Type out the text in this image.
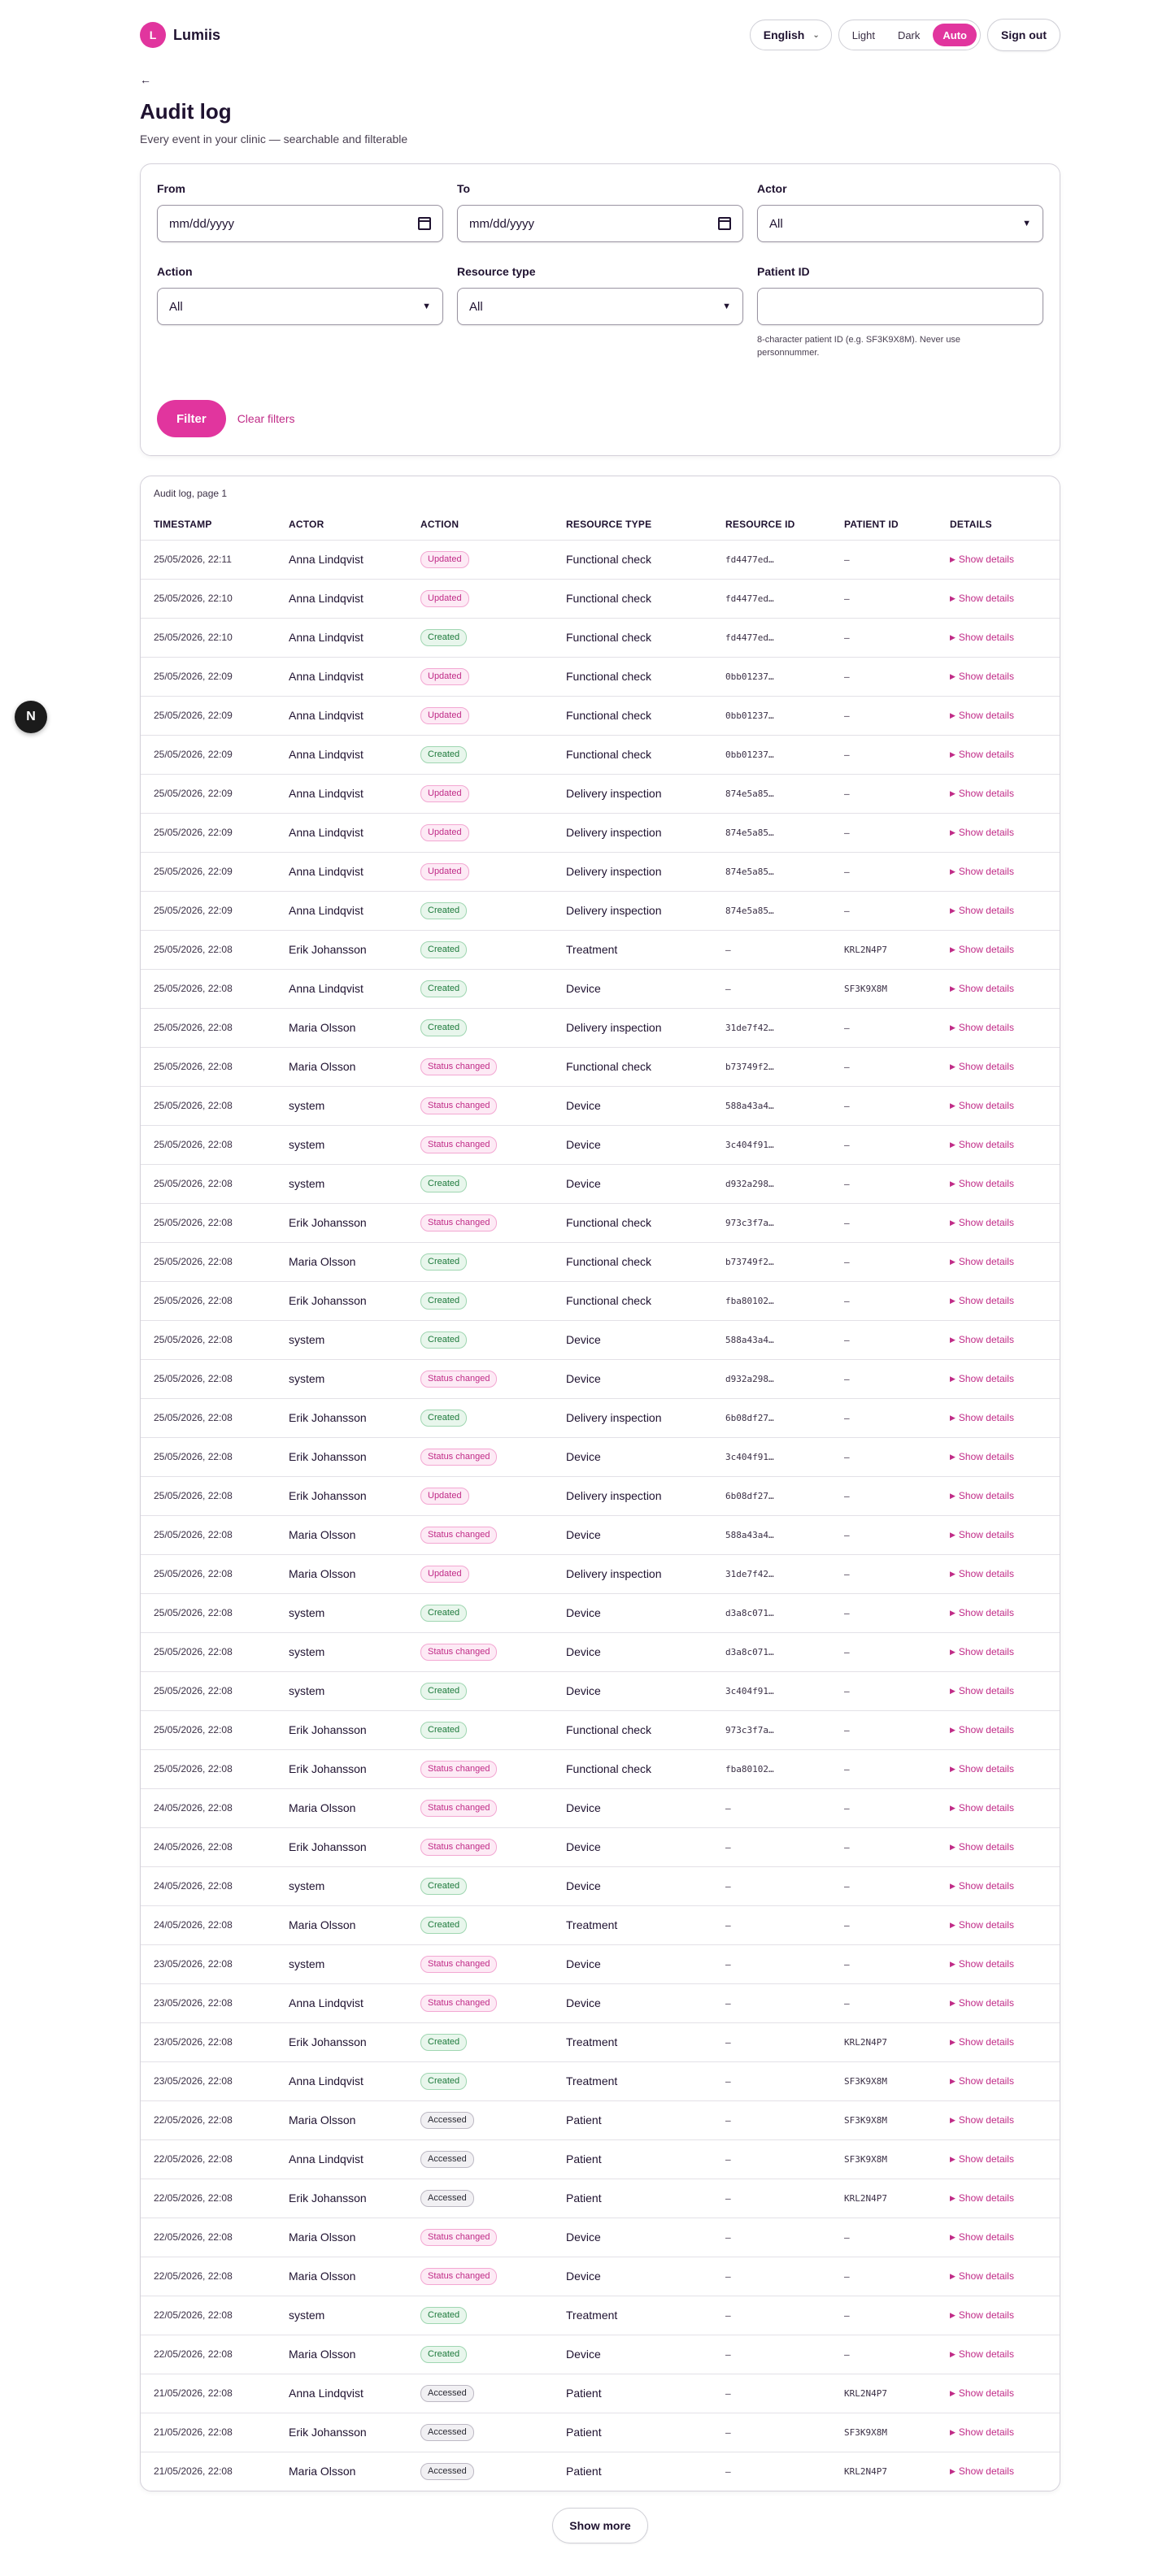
N
L	Lumiis	English ⌄	Light	Dark	Auto	Sign out
←
Audit log

Every event in your clinic — searchable and filterable

From
mm/dd/yyyy
To
mm/dd/yyyy
Actor
All	▼
Action
All	▼
Resource type
All	▼
Patient ID
8-character patient ID (e.g. SF3K9X8M). Never use personnummer.
Filter	Clear filters
Audit log, page 1
TIMESTAMP	ACTOR	ACTION	RESOURCE TYPE	RESOURCE ID	PATIENT ID	DETAILS
25/05/2026, 22:11	Anna Lindqvist	Updated	Functional check	fd4477ed…	—	▶ Show details

25/05/2026, 22:10	Anna Lindqvist	Updated	Functional check	fd4477ed…	—	▶ Show details

25/05/2026, 22:10	Anna Lindqvist	Created	Functional check	fd4477ed…	—	▶ Show details

25/05/2026, 22:09	Anna Lindqvist	Updated	Functional check	0bb01237…	—	▶ Show details

25/05/2026, 22:09	Anna Lindqvist	Updated	Functional check	0bb01237…	—	▶ Show details

25/05/2026, 22:09	Anna Lindqvist	Created	Functional check	0bb01237…	—	▶ Show details

25/05/2026, 22:09	Anna Lindqvist	Updated	Delivery inspection	874e5a85…	—	▶ Show details

25/05/2026, 22:09	Anna Lindqvist	Updated	Delivery inspection	874e5a85…	—	▶ Show details

25/05/2026, 22:09	Anna Lindqvist	Updated	Delivery inspection	874e5a85…	—	▶ Show details

25/05/2026, 22:09	Anna Lindqvist	Created	Delivery inspection	874e5a85…	—	▶ Show details

25/05/2026, 22:08	Erik Johansson	Created	Treatment	—	KRL2N4P7	▶ Show details

25/05/2026, 22:08	Anna Lindqvist	Created	Device	—	SF3K9X8M	▶ Show details

25/05/2026, 22:08	Maria Olsson	Created	Delivery inspection	31de7f42…	—	▶ Show details

25/05/2026, 22:08	Maria Olsson	Status changed	Functional check	b73749f2…	—	▶ Show details

25/05/2026, 22:08	system	Status changed	Device	588a43a4…	—	▶ Show details

25/05/2026, 22:08	system	Status changed	Device	3c404f91…	—	▶ Show details

25/05/2026, 22:08	system	Created	Device	d932a298…	—	▶ Show details

25/05/2026, 22:08	Erik Johansson	Status changed	Functional check	973c3f7a…	—	▶ Show details

25/05/2026, 22:08	Maria Olsson	Created	Functional check	b73749f2…	—	▶ Show details

25/05/2026, 22:08	Erik Johansson	Created	Functional check	fba80102…	—	▶ Show details

25/05/2026, 22:08	system	Created	Device	588a43a4…	—	▶ Show details

25/05/2026, 22:08	system	Status changed	Device	d932a298…	—	▶ Show details

25/05/2026, 22:08	Erik Johansson	Created	Delivery inspection	6b08df27…	—	▶ Show details

25/05/2026, 22:08	Erik Johansson	Status changed	Device	3c404f91…	—	▶ Show details

25/05/2026, 22:08	Erik Johansson	Updated	Delivery inspection	6b08df27…	—	▶ Show details

25/05/2026, 22:08	Maria Olsson	Status changed	Device	588a43a4…	—	▶ Show details

25/05/2026, 22:08	Maria Olsson	Updated	Delivery inspection	31de7f42…	—	▶ Show details

25/05/2026, 22:08	system	Created	Device	d3a8c071…	—	▶ Show details

25/05/2026, 22:08	system	Status changed	Device	d3a8c071…	—	▶ Show details

25/05/2026, 22:08	system	Created	Device	3c404f91…	—	▶ Show details

25/05/2026, 22:08	Erik Johansson	Created	Functional check	973c3f7a…	—	▶ Show details

25/05/2026, 22:08	Erik Johansson	Status changed	Functional check	fba80102…	—	▶ Show details

24/05/2026, 22:08	Maria Olsson	Status changed	Device	—	—	▶ Show details

24/05/2026, 22:08	Erik Johansson	Status changed	Device	—	—	▶ Show details

24/05/2026, 22:08	system	Created	Device	—	—	▶ Show details

24/05/2026, 22:08	Maria Olsson	Created	Treatment	—	—	▶ Show details

23/05/2026, 22:08	system	Status changed	Device	—	—	▶ Show details

23/05/2026, 22:08	Anna Lindqvist	Status changed	Device	—	—	▶ Show details

23/05/2026, 22:08	Erik Johansson	Created	Treatment	—	KRL2N4P7	▶ Show details

23/05/2026, 22:08	Anna Lindqvist	Created	Treatment	—	SF3K9X8M	▶ Show details

22/05/2026, 22:08	Maria Olsson	Accessed	Patient	—	SF3K9X8M	▶ Show details

22/05/2026, 22:08	Anna Lindqvist	Accessed	Patient	—	SF3K9X8M	▶ Show details

22/05/2026, 22:08	Erik Johansson	Accessed	Patient	—	KRL2N4P7	▶ Show details

22/05/2026, 22:08	Maria Olsson	Status changed	Device	—	—	▶ Show details

22/05/2026, 22:08	Maria Olsson	Status changed	Device	—	—	▶ Show details

22/05/2026, 22:08	system	Created	Treatment	—	—	▶ Show details

22/05/2026, 22:08	Maria Olsson	Created	Device	—	—	▶ Show details

21/05/2026, 22:08	Anna Lindqvist	Accessed	Patient	—	KRL2N4P7	▶ Show details

21/05/2026, 22:08	Erik Johansson	Accessed	Patient	—	SF3K9X8M	▶ Show details

21/05/2026, 22:08	Maria Olsson	Accessed	Patient	—	KRL2N4P7	▶ Show details
Show more
